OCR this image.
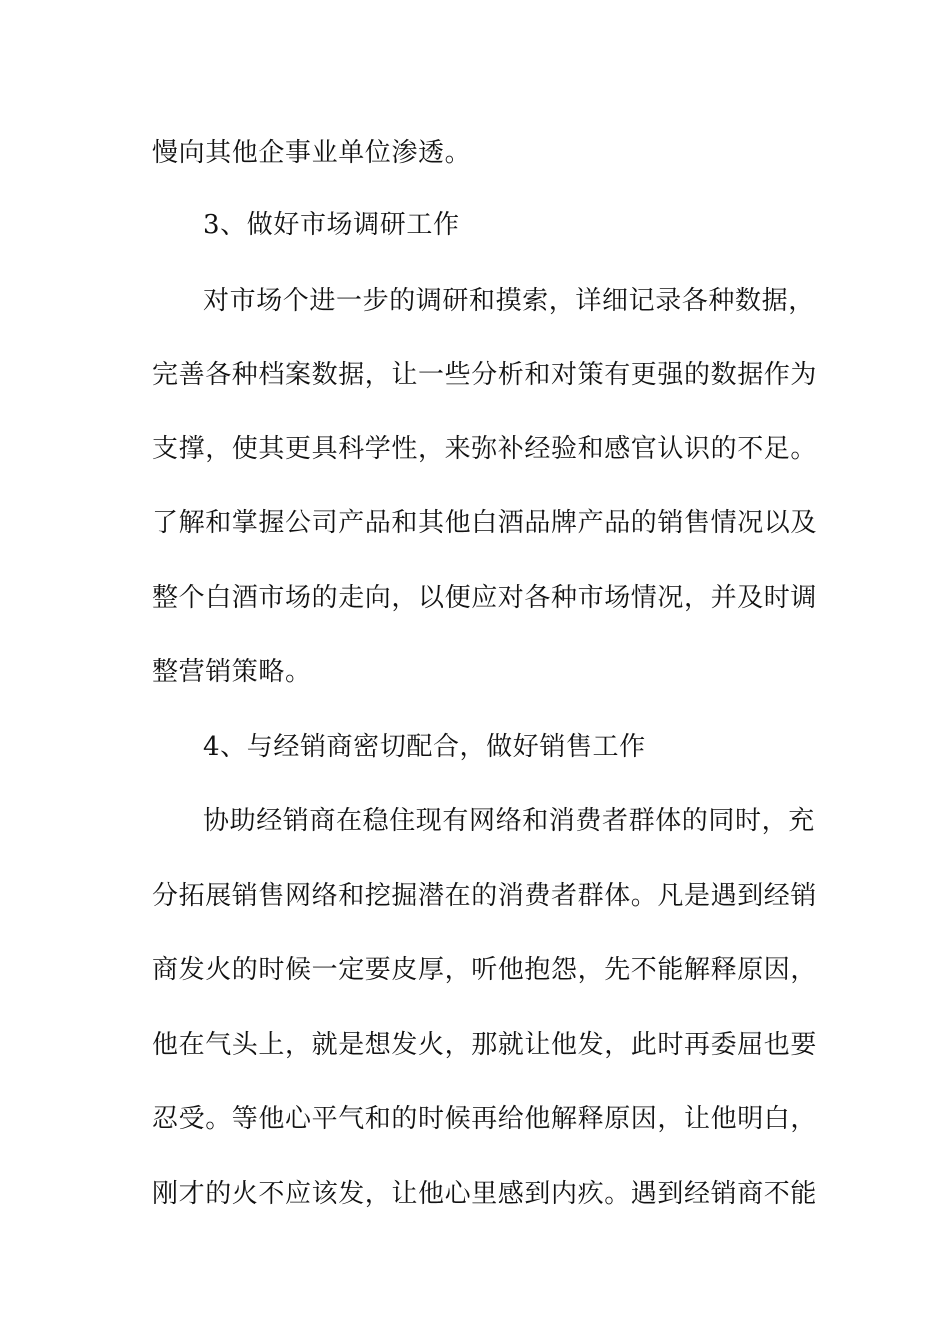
慢向其他企事业单位渗透。
3、做好市场调研工作
对市场个进一步的调研和摸索，详细记录各种数据，
完善各种档案数据，让一些分析和对策有更强的数据作为
支撑，使其更具科学性，来弥补经验和感官认识的不足。
了解和掌握公司产品和其他白酒品牌产品的销售情况以及
整个白酒市场的走向，以便应对各种市场情况，并及时调
整营销策略。
4、与经销商密切配合，做好销售工作
协助经销商在稳住现有网络和消费者群体的同时，充
分拓展销售网络和挖掘潜在的消费者群体。凡是遇到经销
商发火的时候一定要皮厚，听他抱怨，先不能解释原因，
他在气头上，就是想发火，那就让他发，此时再委屈也要
忍受。等他心平气和的时候再给他解释原因，让他明白，
刚才的火不应该发，让他心里感到内疚。遇到经销商不能
